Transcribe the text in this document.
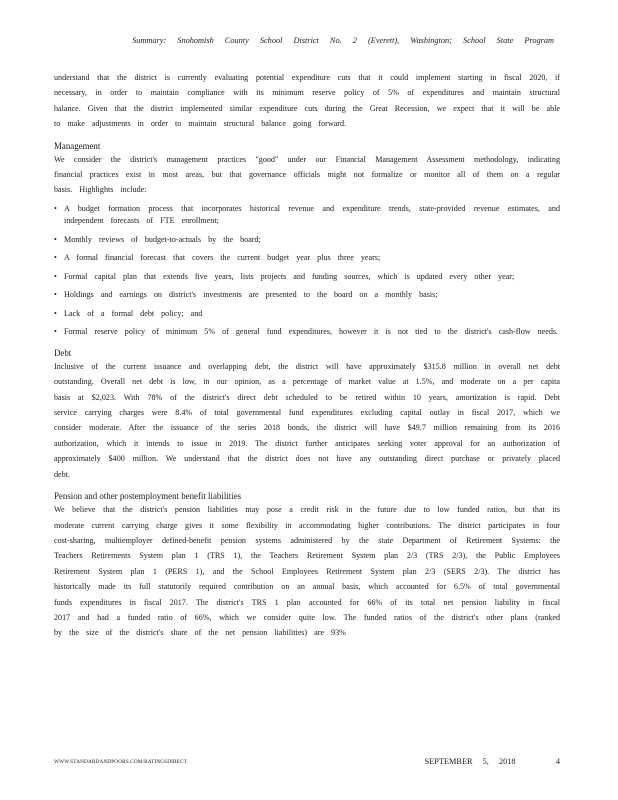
Summary: Snohomish County School District No. 2 (Everett), Washington; School State Program

understand that the district is currently evaluating potential expenditure cuts that it could implement starting in fiscal 2020, if necessary, in order to maintain compliance with its minimum reserve policy of 5% of expenditures and maintain structural balance. Given that the district implemented similar expenditure cuts during the Great Recession, we expect that it will be able to make adjustments in order to maintain structural balance going forward.

Management

We consider the district's management practices "good" under our Financial Management Assessment methodology, indicating financial practices exist in most areas, but that governance officials might not formalize or monitor all of them on a regular basis. Highlights include:

• A budget formation process that incorporates historical revenue and expenditure trends, state-provided revenue estimates, and independent forecasts of FTE enrollment;
• Monthly reviews of budget-to-actuals by the board;
• A formal financial forecast that covers the current budget year plus three years;
• Formal capital plan that extends five years, lists projects and funding sources, which is updated every other year;
• Holdings and earnings on district's investments are presented to the board on a monthly basis;
• Lack of a formal debt policy; and
• Formal reserve policy of minimum 5% of general fund expenditures, however it is not tied to the district's cash-flow needs.
Debt

Inclusive of the current issuance and overlapping debt, the district will have approximately $315.8 million in overall net debt outstanding. Overall net debt is low, in our opinion, as a percentage of market value at 1.5%, and moderate on a per capita basis at $2,023. With 78% of the district's direct debt scheduled to be retired within 10 years, amortization is rapid. Debt service carrying charges were 8.4% of total governmental fund expenditures excluding capital outlay in fiscal 2017, which we consider moderate. After the issuance of the series 2018 bonds, the district will have $49.7 million remaining from its 2016 authorization, which it intends to issue in 2019. The district further anticipates seeking voter approval for an authorization of approximately $400 million. We understand that the district does not have any outstanding direct purchase or privately placed debt.

Pension and other postemployment benefit liabilities

We believe that the district's pension liabilities may pose a credit risk in the future due to low funded ratios, but that its moderate current carrying charge gives it some flexibility in accommodating higher contributions. The district participates in four cost-sharing, multiemployer defined-benefit pension systems administered by the state Department of Retirement Systems: the Teachers Retirements System plan 1 (TRS 1), the Teachers Retirement System plan 2/3 (TRS 2/3), the Public Employees Retirement System plan 1 (PERS 1), and the School Employees Retirement System plan 2/3 (SERS 2/3). The district has historically made its full statutorily required contribution on an annual basis, which accounted for 6.5% of total governmental funds expenditures in fiscal 2017. The district's TRS 1 plan accounted for 66% of its total net pension liability in fiscal 2017 and had a funded ratio of 66%, which we consider quite low. The funded ratios of the district's other plans (ranked by the size of the district's share of the net pension liabilities) are 93%

WWW.STANDARDANDPOORS.COM/RATINGSDIRECT	SEPTEMBER 5, 2018	4
